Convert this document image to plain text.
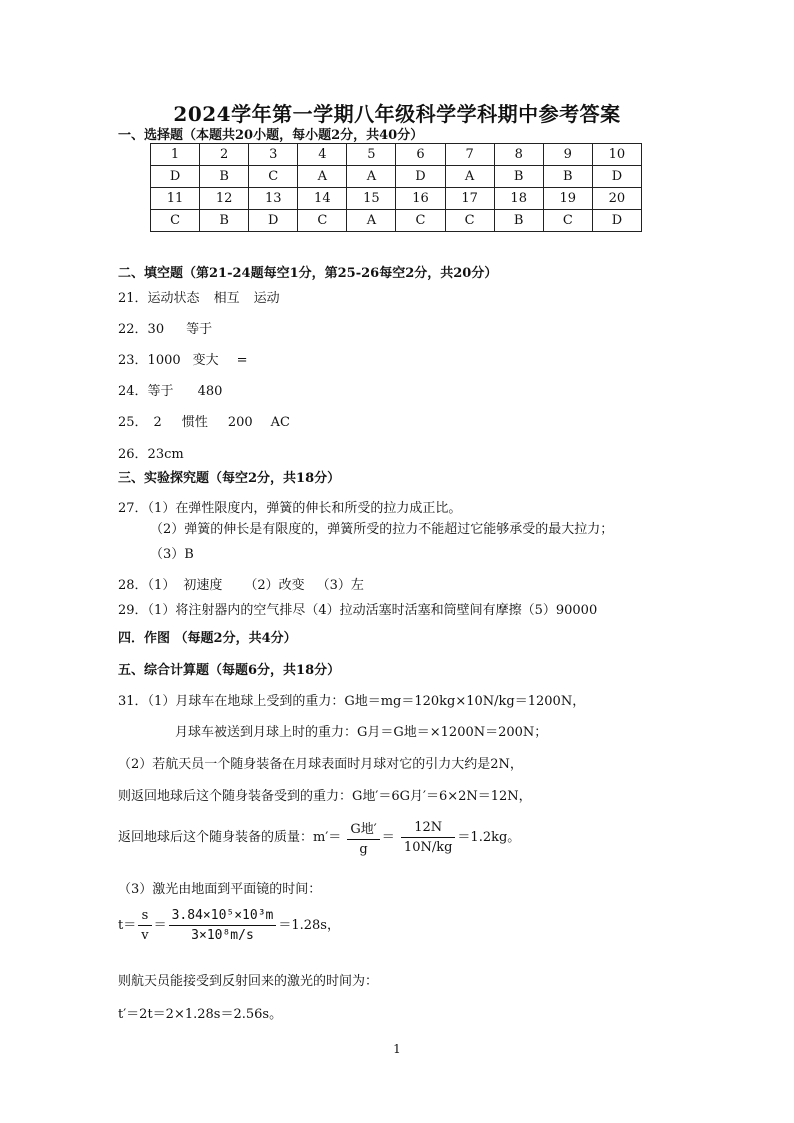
2024学年第一学期八年级科学学科期中参考答案
一、选择题（本题共20小题，每小题2分，共40分）
1	2	3	4	5	6	7	8	9	10
D	B	C	A	A	D	A	B	B	D
11	12	13	14	15	16	17	18	19	20
C	B	D	C	A	C	C	B	C	D
二、填空题（第21-24题每空1分，第25-26每空2分，共20分）
21．运动状态 相互 运动
22．30 等于
23．1000 变大 =
24．等于 480
25． 2 惯性 200 AC
26．23cm
三、实验探究题（每空2分，共18分）
27．（1）在弹性限度内，弹簧的伸长和所受的拉力成正比。
（2）弹簧的伸长是有限度的，弹簧所受的拉力不能超过它能够承受的最大拉力；
（3）B
28．（1） 初速度 （2）改变 （3）左
29．（1）将注射器内的空气排尽（4）拉动活塞时活塞和筒壁间有摩擦（5）90000
四．作图 （每题2分，共4分）
五、综合计算题（每题6分，共18分）
31．（1）月球车在地球上受到的重力：G地＝mg＝120kg×10N/kg＝1200N，
月球车被送到月球上时的重力：G月＝G地＝×1200N＝200N；
（2）若航天员一个随身装备在月球表面时月球对它的引力大约是2N，
则返回地球后这个随身装备受到的重力：G地′＝6G月′＝6×2N＝12N，
返回地球后这个随身装备的质量：$m'= \frac{\text{G地′}}{g} = \frac{12N}{10N/kg} =1.2kg$。
（3）激光由地面到平面镜的时间：
$t= \frac{s}{v} = \frac{\text{3.84×10⁵×10³m}}{\text{3×10⁸m/s}} =1.28s$，
则航天员能接受到反射回来的激光的时间为：
t′＝2t＝2×1.28s＝2.56s。
1
